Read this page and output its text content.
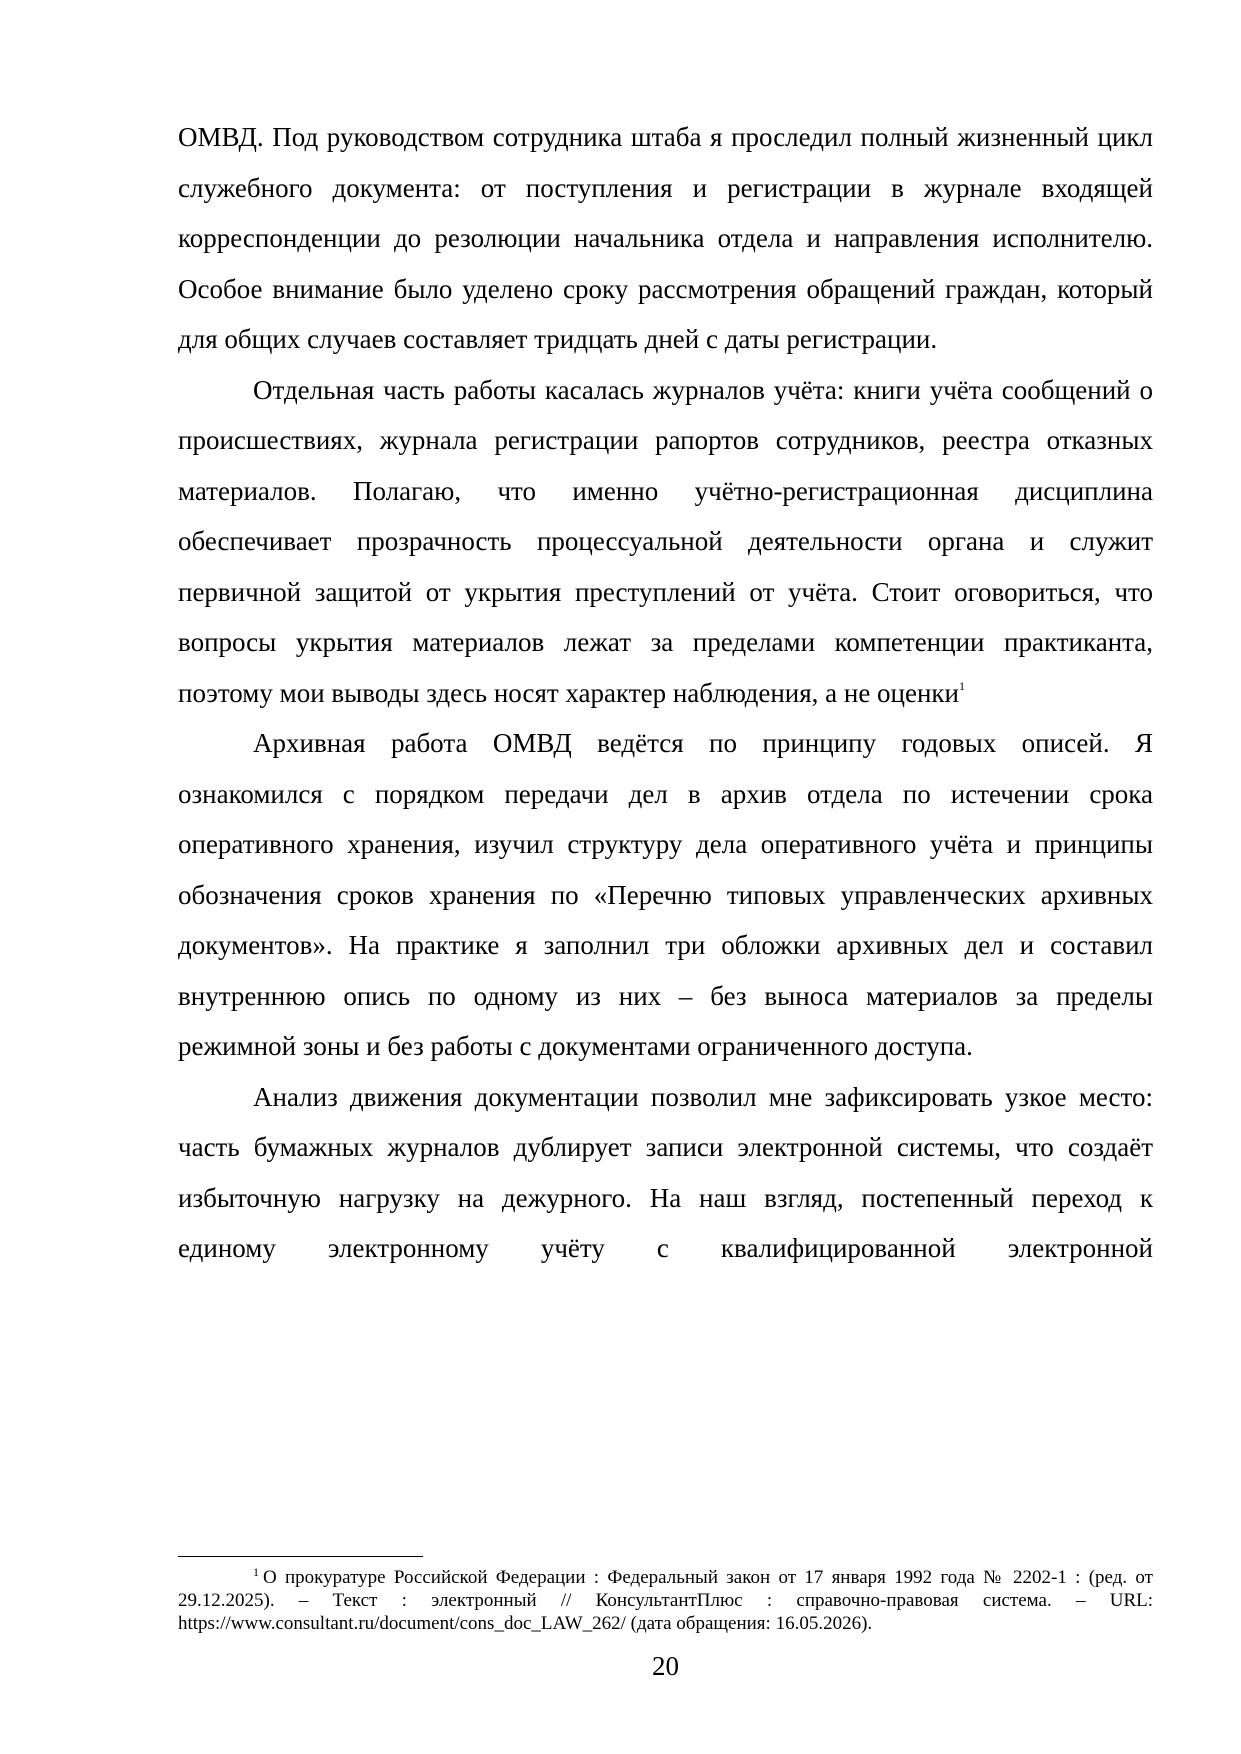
ОМВД. Под руководством сотрудника штаба я проследил полный жизненный цикл служебного документа: от поступления и регистрации в журнале входящей корреспонденции до резолюции начальника отдела и направления исполнителю. Особое внимание было уделено сроку рассмотрения обращений граждан, который для общих случаев составляет тридцать дней с даты регистрации.

Отдельная часть работы касалась журналов учёта: книги учёта сообщений о происшествиях, журнала регистрации рапортов сотрудников, реестра отказных материалов. Полагаю, что именно учётно-регистрационная дисциплина обеспечивает прозрачность процессуальной деятельности органа и служит первичной защитой от укрытия преступлений от учёта. Стоит оговориться, что вопросы укрытия материалов лежат за пределами компетенции практиканта, поэтому мои выводы здесь носят характер наблюдения, а не оценки$^1$

Архивная работа ОМВД ведётся по принципу годовых описей. Я ознакомился с порядком передачи дел в архив отдела по истечении срока оперативного хранения, изучил структуру дела оперативного учёта и принципы обозначения сроков хранения по «Перечню типовых управленческих архивных документов». На практике я заполнил три обложки архивных дел и составил внутреннюю опись по одному из них – без выноса материалов за пределы режимной зоны и без работы с документами ограниченного доступа.

Анализ движения документации позволил мне зафиксировать узкое место: часть бумажных журналов дублирует записи электронной системы, что создаёт избыточную нагрузку на дежурного. На наш взгляд, постепенный переход к единому электронному учёту с квалифицированной электронной

$^1$ О прокуратуре Российской Федерации : Федеральный закон от 17 января 1992 года № 2202-1 : (ред. от 29.12.2025). – Текст : электронный // КонсультантПлюс : справочно-правовая система. – URL: https://www.consultant.ru/document/cons_doc_LAW_262/ (дата обращения: 16.05.2026).

20
